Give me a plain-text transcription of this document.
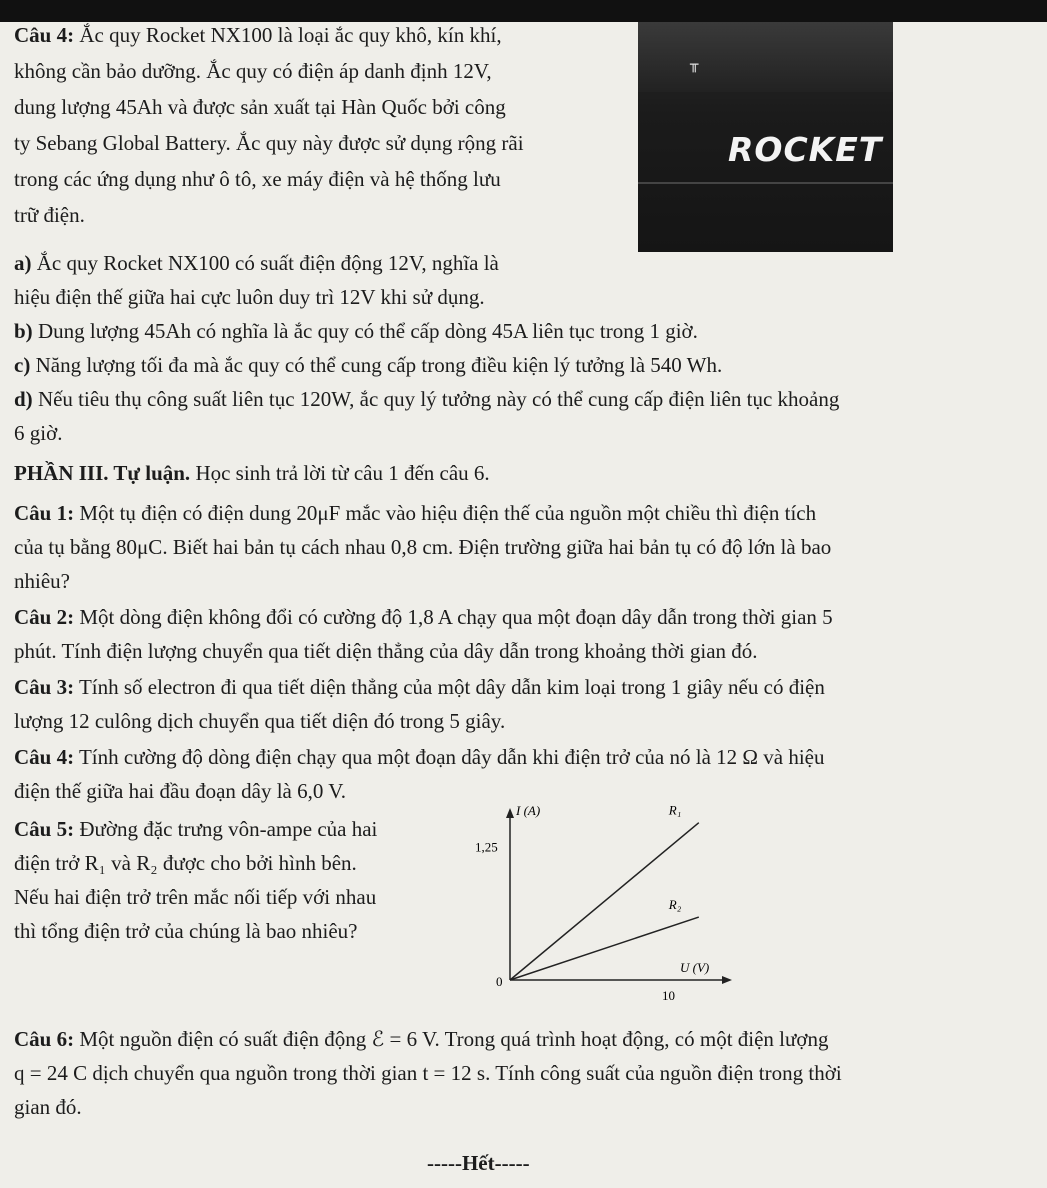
Câu 4: Ắc quy Rocket NX100 là loại ắc quy khô, kín khí,
không cần bảo dưỡng. Ắc quy có điện áp danh định 12V,
dung lượng 45Ah và được sản xuất tại Hàn Quốc bởi công
ty Sebang Global Battery. Ắc quy này được sử dụng rộng rãi
trong các ứng dụng như ô tô, xe máy điện và hệ thống lưu
trữ điện.
╥
ROCKET
a) Ắc quy Rocket NX100 có suất điện động 12V, nghĩa là
hiệu điện thế giữa hai cực luôn duy trì 12V khi sử dụng.
b) Dung lượng 45Ah có nghĩa là ắc quy có thể cấp dòng 45A liên tục trong 1 giờ.
c) Năng lượng tối đa mà ắc quy có thể cung cấp trong điều kiện lý tưởng là 540 Wh.
d) Nếu tiêu thụ công suất liên tục 120W, ắc quy lý tưởng này có thể cung cấp điện liên tục khoảng
6 giờ.
PHẦN III. Tự luận. Học sinh trả lời từ câu 1 đến câu 6.
Câu 1: Một tụ điện có điện dung 20μF mắc vào hiệu điện thế của nguồn một chiều thì điện tích
của tụ bằng 80μC. Biết hai bản tụ cách nhau 0,8 cm. Điện trường giữa hai bản tụ có độ lớn là bao
nhiêu?
Câu 2: Một dòng điện không đổi có cường độ 1,8 A chạy qua một đoạn dây dẫn trong thời gian 5
phút. Tính điện lượng chuyển qua tiết diện thẳng của dây dẫn trong khoảng thời gian đó.
Câu 3: Tính số electron đi qua tiết diện thẳng của một dây dẫn kim loại trong 1 giây nếu có điện
lượng 12 culông dịch chuyển qua tiết diện đó trong 5 giây.
Câu 4: Tính cường độ dòng điện chạy qua một đoạn dây dẫn khi điện trở của nó là 12 Ω và hiệu
điện thế giữa hai đầu đoạn dây là 6,0 V.
Câu 5: Đường đặc trưng vôn-ampe của hai
điện trở R₁ và R₂ được cho bởi hình bên.
Nếu hai điện trở trên mắc nối tiếp với nhau
thì tổng điện trở của chúng là bao nhiêu?
R₁
R₂
I (A)
U (V)
1,25
0
10
Câu 6: Một nguồn điện có suất điện động ℰ = 6 V. Trong quá trình hoạt động, có một điện lượng
q = 24 C dịch chuyển qua nguồn trong thời gian t = 12 s. Tính công suất của nguồn điện trong thời
gian đó.
-----Hết-----
